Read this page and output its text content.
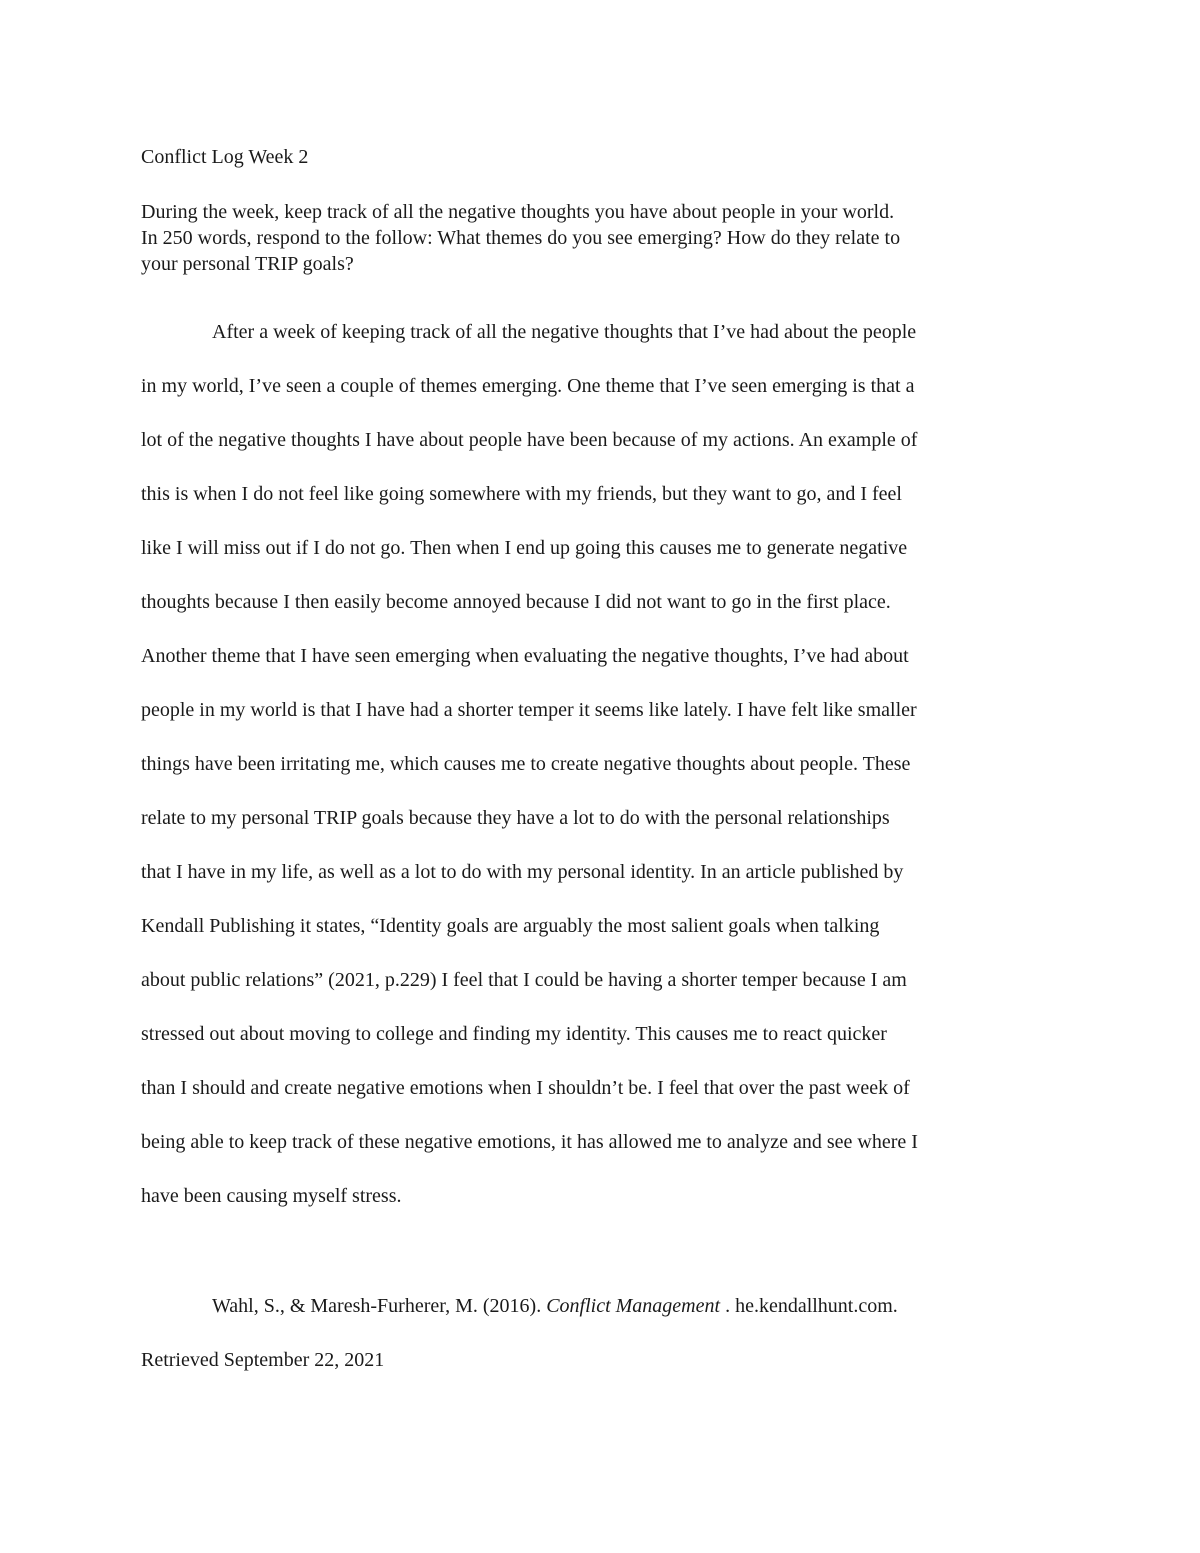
Conflict Log Week 2
During the week, keep track of all the negative thoughts you have about people in your world.
In 250 words, respond to the follow: What themes do you see emerging? How do they relate to
your personal TRIP goals?
After a week of keeping track of all the negative thoughts that I’ve had about the people
in my world, I’ve seen a couple of themes emerging. One theme that I’ve seen emerging is that a
lot of the negative thoughts I have about people have been because of my actions. An example of
this is when I do not feel like going somewhere with my friends, but they want to go, and I feel
like I will miss out if I do not go. Then when I end up going this causes me to generate negative
thoughts because I then easily become annoyed because I did not want to go in the first place.
Another theme that I have seen emerging when evaluating the negative thoughts, I’ve had about
people in my world is that I have had a shorter temper it seems like lately. I have felt like smaller
things have been irritating me, which causes me to create negative thoughts about people. These
relate to my personal TRIP goals because they have a lot to do with the personal relationships
that I have in my life, as well as a lot to do with my personal identity. In an article published by
Kendall Publishing it states, “Identity goals are arguably the most salient goals when talking
about public relations” (2021, p.229) I feel that I could be having a shorter temper because I am
stressed out about moving to college and finding my identity. This causes me to react quicker
than I should and create negative emotions when I shouldn’t be. I feel that over the past week of
being able to keep track of these negative emotions, it has allowed me to analyze and see where I
have been causing myself stress.
Wahl, S., & Maresh-Furherer, M. (2016). Conflict Management . he.kendallhunt.com.
Retrieved September 22, 2021
